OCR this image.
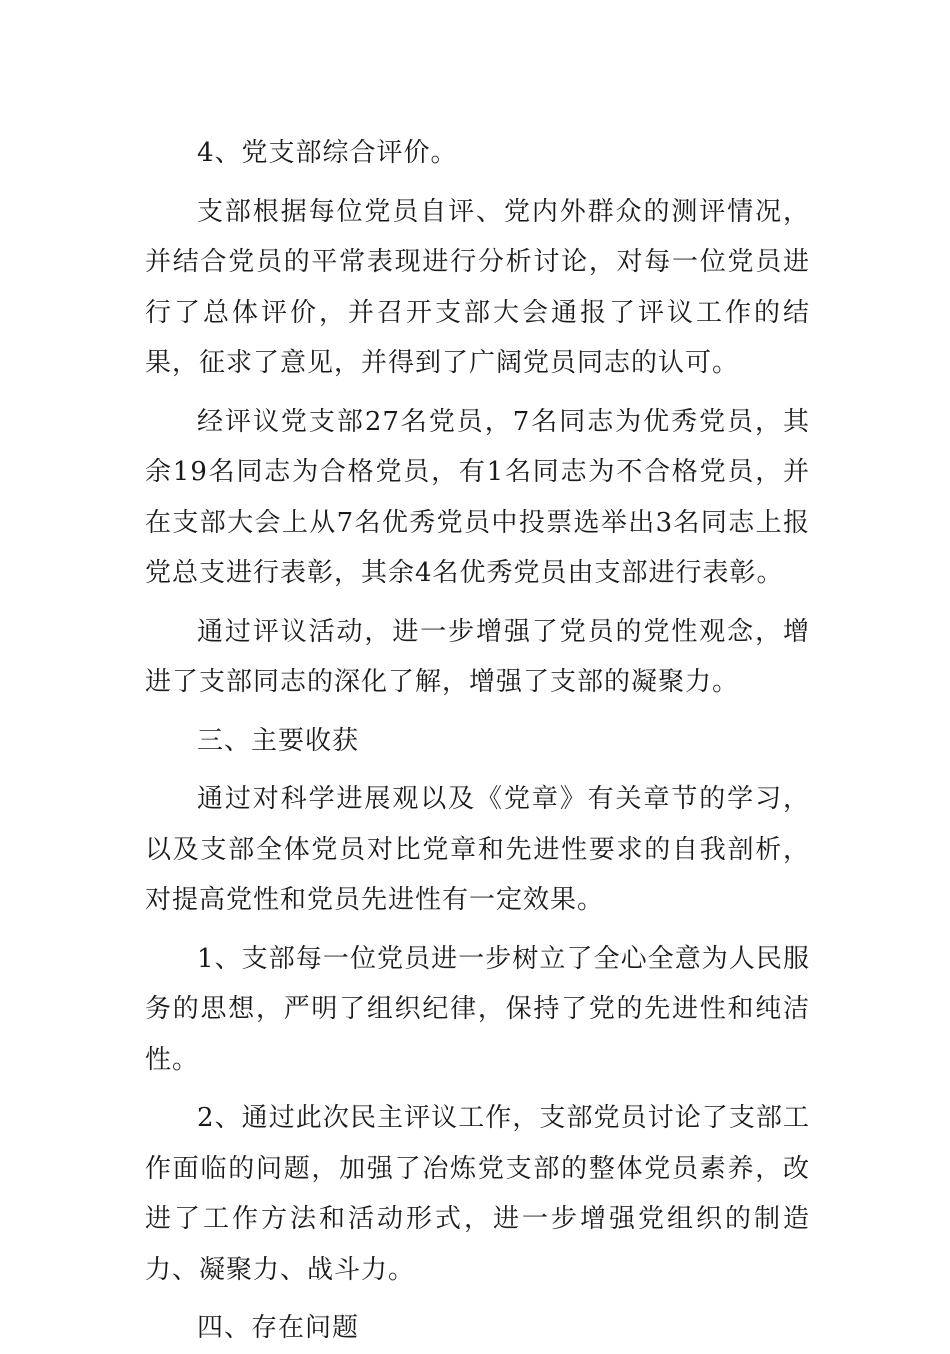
4、党支部综合评价。

支部根据每位党员自评、党内外群众的测评情况，并结合党员的平常表现进行分析讨论，对每一位党员进行了总体评价，并召开支部大会通报了评议工作的结果，征求了意见，并得到了广阔党员同志的认可。

经评议党支部27名党员，7名同志为优秀党员，其余19名同志为合格党员，有1名同志为不合格党员，并在支部大会上从7名优秀党员中投票选举出3名同志上报党总支进行表彰，其余4名优秀党员由支部进行表彰。

通过评议活动，进一步增强了党员的党性观念，增进了支部同志的深化了解，增强了支部的凝聚力。

三、主要收获

通过对科学进展观以及《党章》有关章节的学习，以及支部全体党员对比党章和先进性要求的自我剖析，对提高党性和党员先进性有一定效果。

1、支部每一位党员进一步树立了全心全意为人民服务的思想，严明了组织纪律，保持了党的先进性和纯洁性。

2、通过此次民主评议工作，支部党员讨论了支部工作面临的问题，加强了冶炼党支部的整体党员素养，改进了工作方法和活动形式，进一步增强党组织的制造力、凝聚力、战斗力。

四、存在问题
